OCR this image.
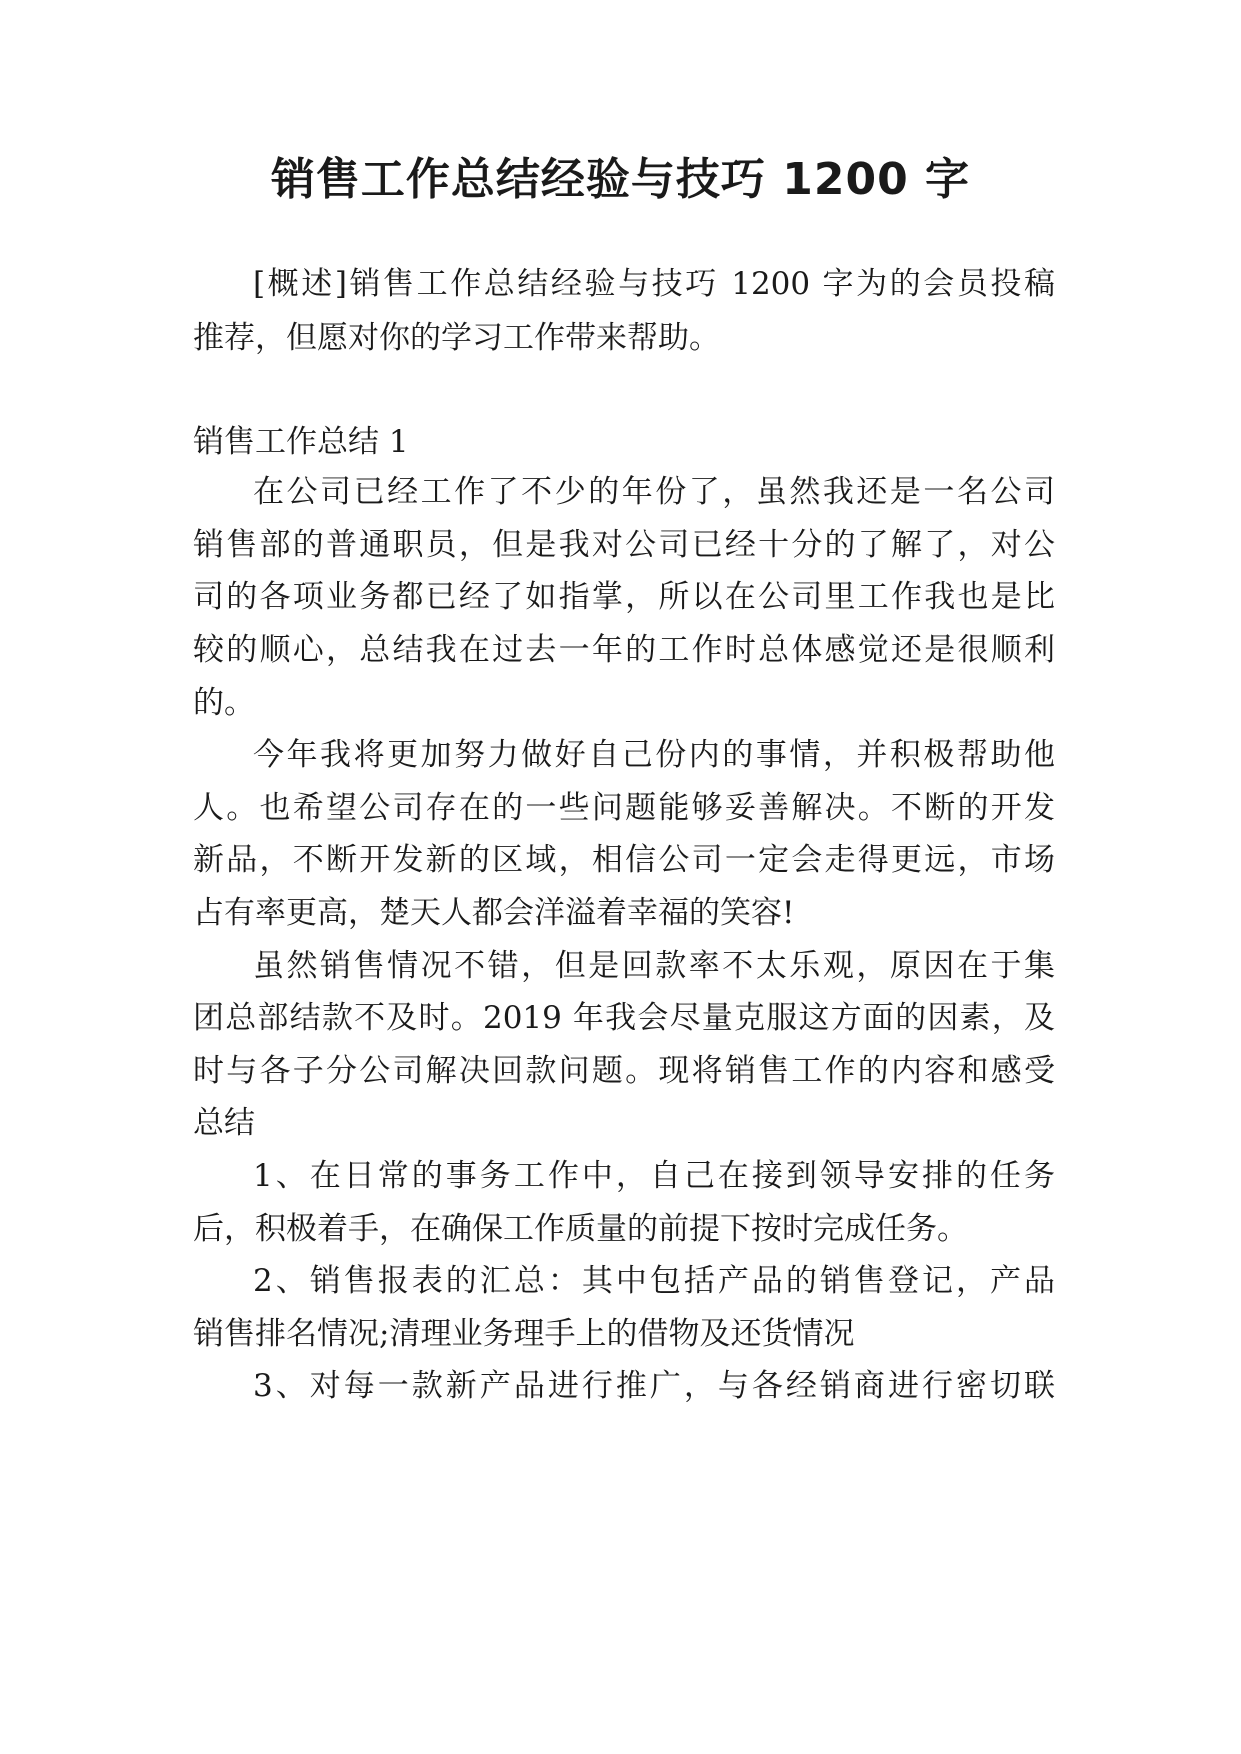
销售工作总结经验与技巧 1200 字
[概述]销售工作总结经验与技巧 1200 字为的会员投稿
推荐，但愿对你的学习工作带来帮助。
销售工作总结 1
在公司已经工作了不少的年份了，虽然我还是一名公司
销售部的普通职员，但是我对公司已经十分的了解了，对公
司的各项业务都已经了如指掌，所以在公司里工作我也是比
较的顺心，总结我在过去一年的工作时总体感觉还是很顺利
的。
今年我将更加努力做好自己份内的事情，并积极帮助他
人。也希望公司存在的一些问题能够妥善解决。不断的开发
新品，不断开发新的区域，相信公司一定会走得更远，市场
占有率更高，楚天人都会洋溢着幸福的笑容!
虽然销售情况不错，但是回款率不太乐观，原因在于集
团总部结款不及时。2019 年我会尽量克服这方面的因素，及
时与各子分公司解决回款问题。现将销售工作的内容和感受
总结
1、在日常的事务工作中，自己在接到领导安排的任务
后，积极着手，在确保工作质量的前提下按时完成任务。
2、销售报表的汇总：其中包括产品的销售登记，产品
销售排名情况;清理业务理手上的借物及还货情况
3、对每一款新产品进行推广，与各经销商进行密切联
